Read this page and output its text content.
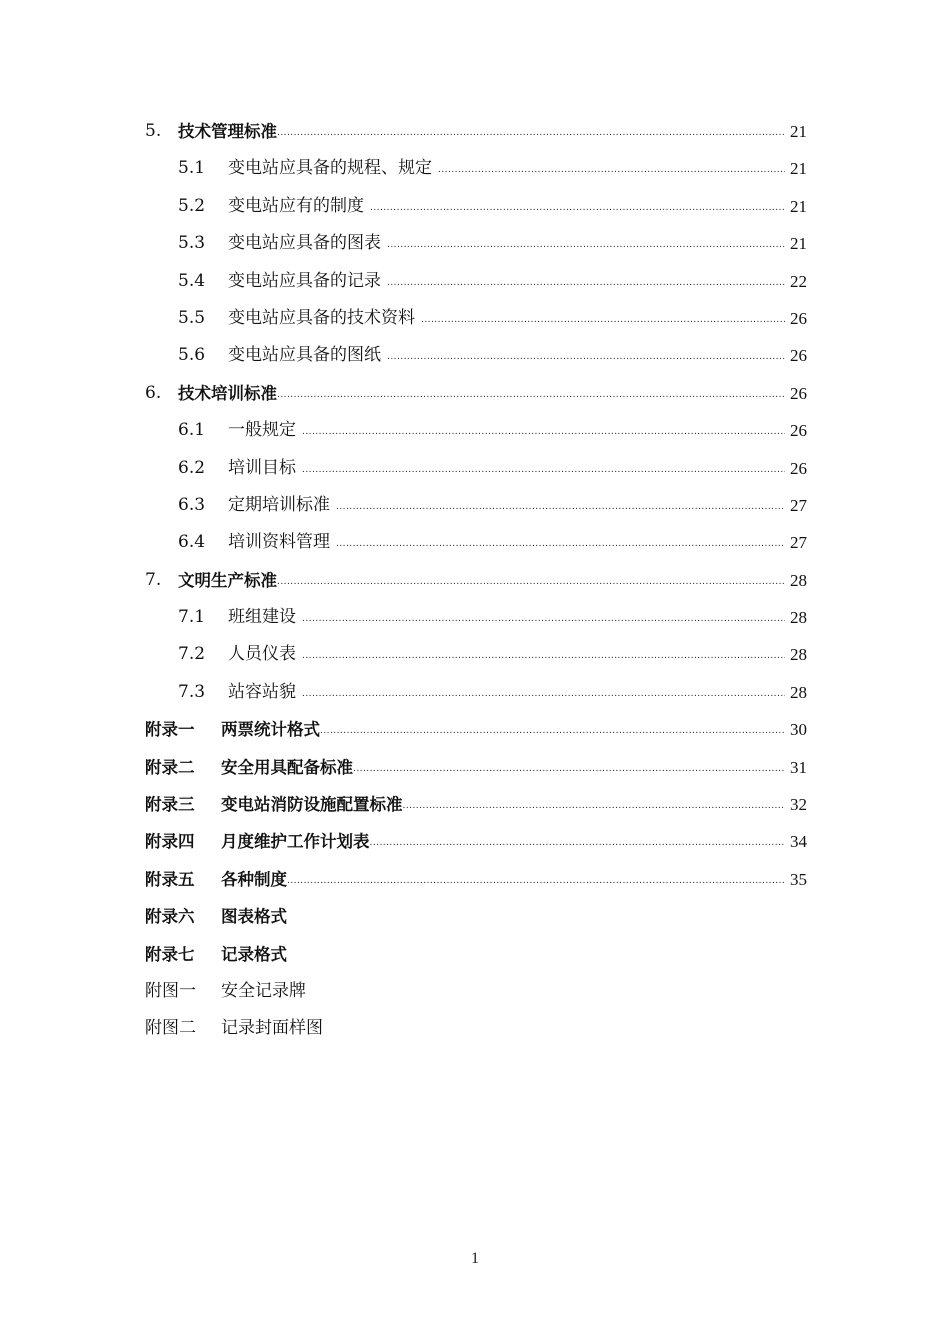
5.	技术管理标准 . . .	21
5.1	变电站应具备的规程、规定 . . .	21
5.2	变电站应有的制度 . . .	21
5.3	变电站应具备的图表 . . .	21
5.4	变电站应具备的记录 . . .	22
5.5	变电站应具备的技术资料 . . .	26
5.6	变电站应具备的图纸 . . .	26
6.	技术培训标准 . . .	26
6.1	一般规定 . . .	26
6.2	培训目标 . . .	26
6.3	定期培训标准 . . .	27
6.4	培训资料管理 . . .	27
7.	文明生产标准 . . .	28
7.1	班组建设 . . .	28
7.2	人员仪表 . . .	28
7.3	站容站貌 . . .	28
附录一	两票统计格式 . . .	30
附录二	安全用具配备标准 . . .	31
附录三	变电站消防设施配置标准 . . .	32
附录四	月度维护工作计划表 . . .	34
附录五	各种制度 . . .	35
附录六	图表格式
附录七	记录格式
附图一	安全记录牌
附图二	记录封面样图
1
